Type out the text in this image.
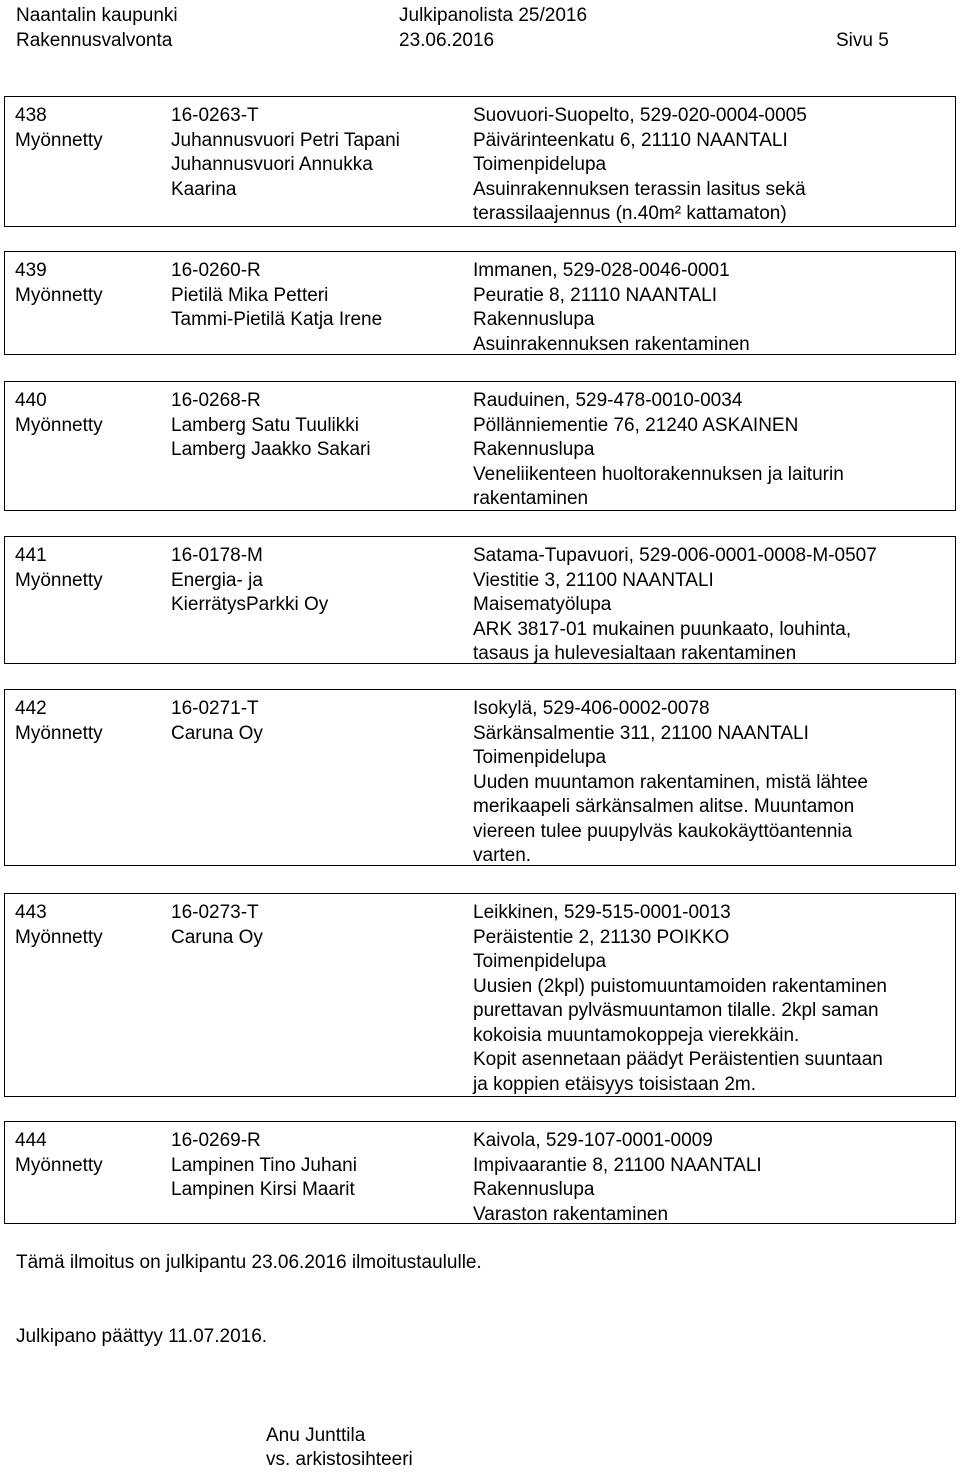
Naantalin kaupunki
Rakennusvalvonta
Julkipanolista 25/2016
23.06.2016	Sivu 5
438
Myönnetty
16-0263-T
Juhannusvuori Petri Tapani
Juhannusvuori Annukka
Kaarina
Suovuori-Suopelto, 529-020-0004-0005
Päivärinteenkatu 6, 21110 NAANTALI
Toimenpidelupa
Asuinrakennuksen terassin lasitus sekä
terassilaajennus (n.40m² kattamaton)
439
Myönnetty
16-0260-R
Pietilä Mika Petteri
Tammi-Pietilä Katja Irene
Immanen, 529-028-0046-0001
Peuratie 8, 21110 NAANTALI
Rakennuslupa
Asuinrakennuksen rakentaminen
440
Myönnetty
16-0268-R
Lamberg Satu Tuulikki
Lamberg Jaakko Sakari
Rauduinen, 529-478-0010-0034
Pöllänniementie 76, 21240 ASKAINEN
Rakennuslupa
Veneliikenteen huoltorakennuksen ja laiturin
rakentaminen
441
Myönnetty
16-0178-M
Energia- ja
KierrätysParkki Oy
Satama-Tupavuori, 529-006-0001-0008-M-0507
Viestitie 3, 21100 NAANTALI
Maisematyölupa
ARK 3817-01 mukainen puunkaato, louhinta,
tasaus ja hulevesialtaan rakentaminen
442
Myönnetty
16-0271-T
Caruna Oy
Isokylä, 529-406-0002-0078
Särkänsalmentie 311, 21100 NAANTALI
Toimenpidelupa
Uuden muuntamon rakentaminen, mistä lähtee
merikaapeli särkänsalmen alitse. Muuntamon
viereen tulee puupylväs kaukokäyttöantennia
varten.
443
Myönnetty
16-0273-T
Caruna Oy
Leikkinen, 529-515-0001-0013
Peräistentie 2, 21130 POIKKO
Toimenpidelupa
Uusien (2kpl) puistomuuntamoiden rakentaminen
purettavan pylväsmuuntamon tilalle. 2kpl saman
kokoisia muuntamokoppeja vierekkäin.
Kopit asennetaan päädyt Peräistentien suuntaan
ja koppien etäisyys toisistaan 2m.
444
Myönnetty
16-0269-R
Lampinen Tino Juhani
Lampinen Kirsi Maarit
Kaivola, 529-107-0001-0009
Impivaarantie 8, 21100 NAANTALI
Rakennuslupa
Varaston rakentaminen
Tämä ilmoitus on julkipantu 23.06.2016 ilmoitustaululle.
Julkipano päättyy 11.07.2016.
Anu Junttila
vs. arkistosihteeri
